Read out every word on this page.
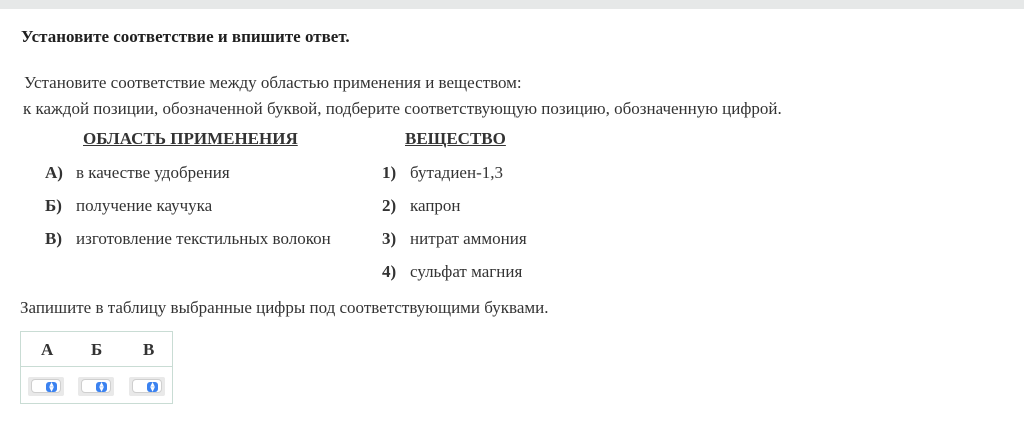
Установите соответствие и впишите ответ.
Установите соответствие между областью применения и веществом:
к каждой позиции, обозначенной буквой, подберите соответствующую позицию, обозначенную цифрой.
ОБЛАСТЬ ПРИМЕНЕНИЯ	ВЕЩЕСТВО
А) в качестве удобрения
Б) получение каучука
В) изготовление текстильных волокон
1) бутадиен-1,3
2) капрон
3) нитрат аммония
4) сульфат магния
Запишите в таблицу выбранные цифры под соответствующими буквами.
А Б В
▲
▼
▲
▼
▲
▼
